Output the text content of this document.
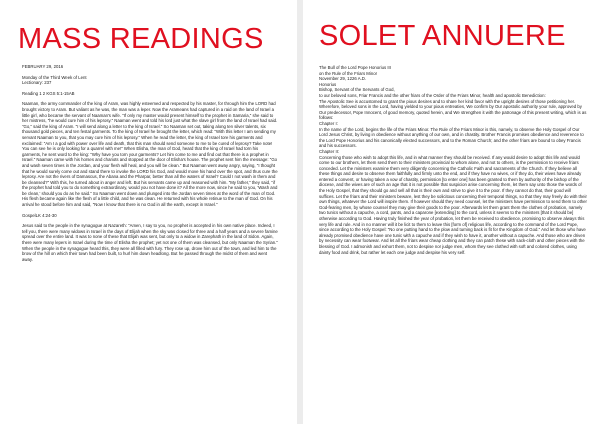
MASS READINGS

FEBRUARY 29, 2016

Monday of the Third Week of Lent

Lectionary: 237

Reading 1 2 KGS 5:1-15AB

Naaman, the army commander of the king of Aram, was highly esteemed and respected by his master, for through him the LORD had brought victory to Aram. But valiant as he was, the man was a leper. Now the Arameans had captured in a raid on the land of Israel a little girl, who became the servant of Naaman's wife. "If only my master would present himself to the prophet in Samaria," she said to her mistress, "he would cure him of his leprosy." Naaman went and told his lord just what the slave girl from the land of Israel had said. "Go," said the king of Aram. "I will send along a letter to the king of Israel." So Naaman set out, taking along ten silver talents, six thousand gold pieces, and ten festal garments. To the king of Israel he brought the letter, which read: "With this letter I am sending my servant Naaman to you, that you may cure him of his leprosy." When he read the letter, the king of Israel tore his garments and exclaimed: "Am I a god with power over life and death, that this man should send someone to me to be cured of leprosy? Take note! You can see he is only looking for a quarrel with me!" When Elisha, the man of God, heard that the king of Israel had torn his garments, he sent word to the king: "Why have you torn your garments? Let him come to me and find out that there is a prophet in Israel." Naaman came with his horses and chariots and stopped at the door of Elisha's house. The prophet sent him the message: "Go and wash seven times in the Jordan, and your flesh will heal, and you will be clean." But Naaman went away angry, saying, "I thought that he would surely come out and stand there to invoke the LORD his God, and would move his hand over the spot, and thus cure the leprosy. Are not the rivers of Damascus, the Abana and the Pharpar, better than all the waters of Israel? Could I not wash in them and be cleansed?" With this, he turned about in anger and left. But his servants came up and reasoned with him. "My father," they said, "if the prophet had told you to do something extraordinary, would you not have done it? All the more now, since he said to you, 'Wash and be clean,' should you do as he said." So Naaman went down and plunged into the Jordan seven times at the word of the man of God. His flesh became again like the flesh of a little child, and he was clean. He returned with his whole retinue to the man of God. On his arrival he stood before him and said, "Now I know that there is no God in all the earth, except in Israel."

GospelLK 4:24-30

Jesus said to the people in the synagogue at Nazareth: "Amen, I say to you, no prophet is accepted in his own native place. Indeed, I tell you, there were many widows in Israel in the days of Elijah when the sky was closed for three and a half years and a severe famine spread over the entire land. It was to none of these that Elijah was sent, but only to a widow in Zarephath in the land of Sidon. Again, there were many lepers in Israel during the time of Elisha the prophet; yet not one of them was cleansed, but only Naaman the Syrian." When the people in the synagogue heard this, they were all filled with fury. They rose up, drove him out of the town, and led him to the brow of the hill on which their town had been built, to hurl him down headlong. But he passed through the midst of them and went away.

SOLET ANNUERE

The Bull of the Lord Pope Honorius III

on the Rule of the Friars Minor

November 29, 1226 A.D.

Honorius

Bishop, Servant of the Servants of God,

to our beloved sons, Friar Francis and the other friars of the Order of the Friars Minor, health and apostolic Benediction:

The Apostolic See is accustomed to grant the pious desires and to share her kind favor with the upright desires of those petitioning her. Wherefore, beloved sons in the Lord, having yielded to your pious entreaties, We confirm by Our apostolic authority your rule, approved by Our predecessor, Pope Innocent, of good memory, quoted herein, and We strengthen it with the patronage of this present writing, which is as follows:

Chapter I:

In the name of the Lord, begins the life of the Friars Minor. The Rule of the Friars Minor is this, namely, to observe the Holy Gospel of Our Lord Jesus Christ, by living in obedience without anything of our own, and in chastity. Brother Francis promises obedience and reverence to the Lord Pope Honorius and his canonically elected successors, and to the Roman Church; and the other friars are bound to obey Francis and his successors.

Chapter II:

Concerning those who wish to adopt this life, and in what manner they should be received. If any would desire to adopt this life and would come to our brothers, let them send them to their ministers provincial to whom alone, and not to others, is the permission to receive friars conceded. Let the ministers examine them very diligently concerning the Catholic Faith and sacraments of the Church. If they believe all these things and desire to observe them faithfully and firmly unto the end, and if they have no wives, or if they do, their wives have already entered a convent, or having taken a vow of chastity, permission [to enter one] has been granted to them by authority of the bishop of the diocese, and the wives are of such an age that it is not possible that suspicion arise concerning them, let them say unto those the words of the Holy Gospel, that they should go and sell all that is their own and strive to give it to the poor. If they cannot do that, their good will suffices. Let the friars and their ministers beware, lest they be solicitous concerning their temporal things, so that they may freely do with their own things, whatever the Lord will inspire them. If however should they need counsel, let the ministers have permission to send them to other God-fearing men, by whose counsel they may give their goods to the poor. Afterwards let them grant them the clothes of probation, namely two tunics without a capuche, a cord, pants, and a caparone [extending] to the cord, unless it seems to the ministers [that it should be] otherwise according to God. Having truly finished the year of probation, let them be received to obedience, promising to observe always this very life and rule. And in no manner will it be licit to them to leave this [form of] religious life, according to the command of the Lord Pope, since according to the Holy Gospel: "No one putting hand to the plow and turning back is fit for the Kingdom of God." And let those who have already promised obedience have one tunic with a capuche and if they wish to have it, another without a capuche. And those who are driven by necessity can wear footwear. And let all the friars wear cheap clothing and they can patch these with sack-cloth and other pieces with the blessing of God. I admonish and exhort them, not to despise nor judge men, whom they see clothed with soft and colored clothes, using dainty food and drink, but rather let each one judge and despise his very self.
